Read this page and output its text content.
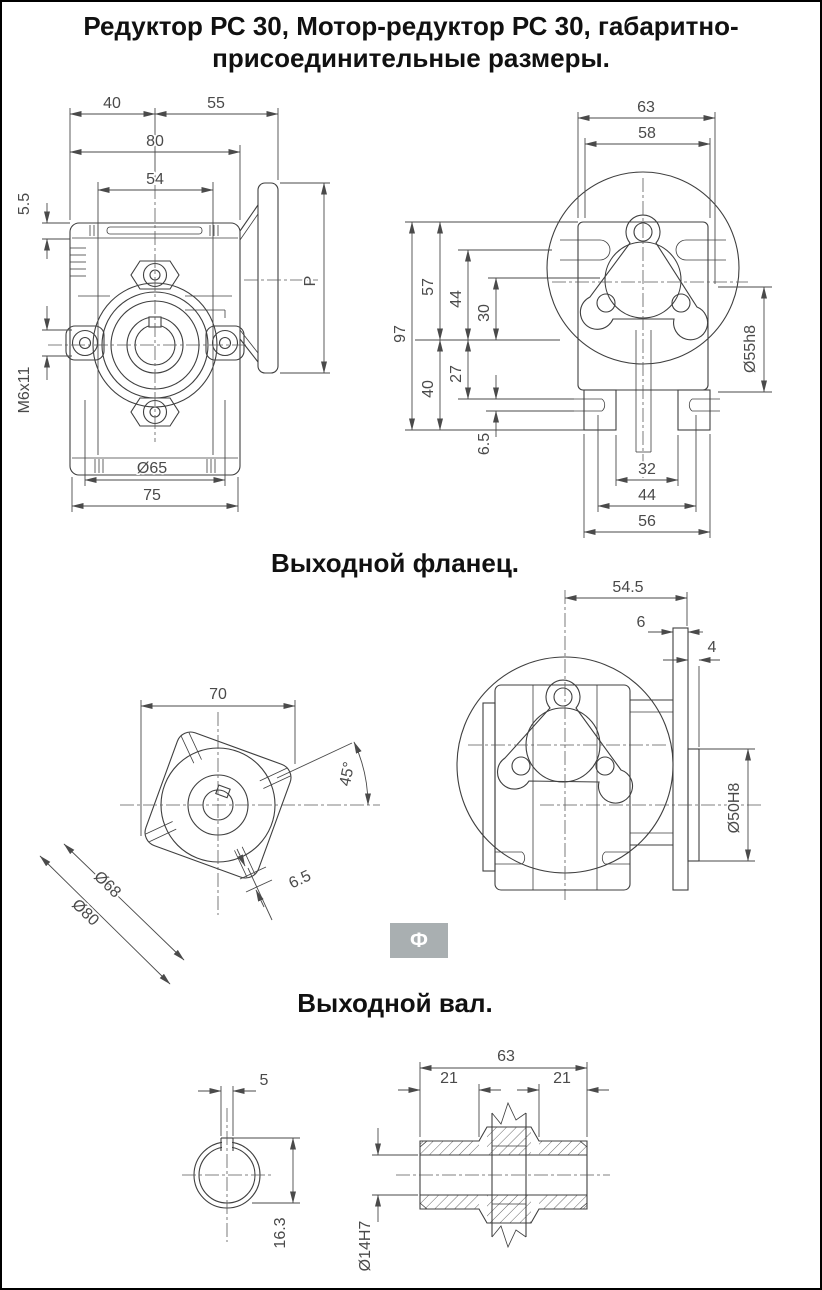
Редуктор РС 30, Мотор-редуктор РС 30, габаритно-
присоединительные размеры.
Выходной фланец.
Выходной вал.
Ф
40	55
80
54
5.5
M6x11
Ø65
75
P
63
58
97
57
44
30
40
27
6.5
Ø55h8
32
44
56
70
45°
6.5
Ø68
Ø80
54.5
6
4
Ø50H8
5
16.3
63
21	21
Ø14H7
